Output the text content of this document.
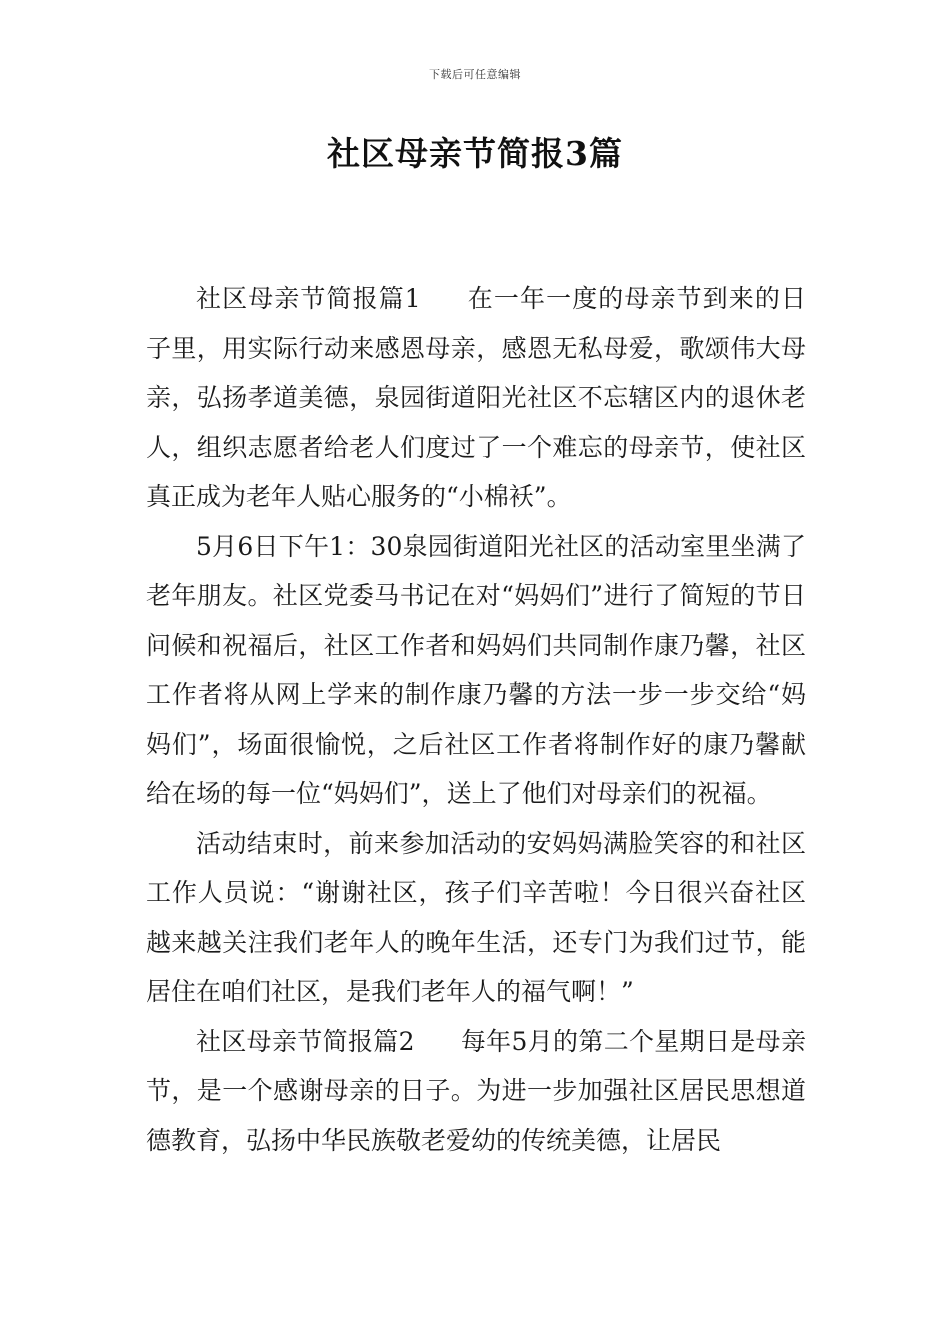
下载后可任意编辑
社区母亲节简报3篇

社区母亲节简报篇1 在一年一度的母亲节到来的日子里，用实际行动来感恩母亲，感恩无私母爱，歌颂伟大母亲，弘扬孝道美德，泉园街道阳光社区不忘辖区内的退休老人，组织志愿者给老人们度过了一个难忘的母亲节，使社区真正成为老年人贴心服务的“小棉袄”。

5月6日下午1：30泉园街道阳光社区的活动室里坐满了老年朋友。社区党委马书记在对“妈妈们”进行了简短的节日问候和祝福后，社区工作者和妈妈们共同制作康乃馨，社区工作者将从网上学来的制作康乃馨的方法一步一步交给“妈妈们”，场面很愉悦，之后社区工作者将制作好的康乃馨献给在场的每一位“妈妈们”，送上了他们对母亲们的祝福。

活动结束时，前来参加活动的安妈妈满脸笑容的和社区工作人员说：“谢谢社区，孩子们辛苦啦！今日很兴奋社区越来越关注我们老年人的晚年生活，还专门为我们过节，能居住在咱们社区，是我们老年人的福气啊！”

社区母亲节简报篇2 每年5月的第二个星期日是母亲节，是一个感谢母亲的日子。为进一步加强社区居民思想道德教育，弘扬中华民族敬老爱幼的传统美德，让居民
